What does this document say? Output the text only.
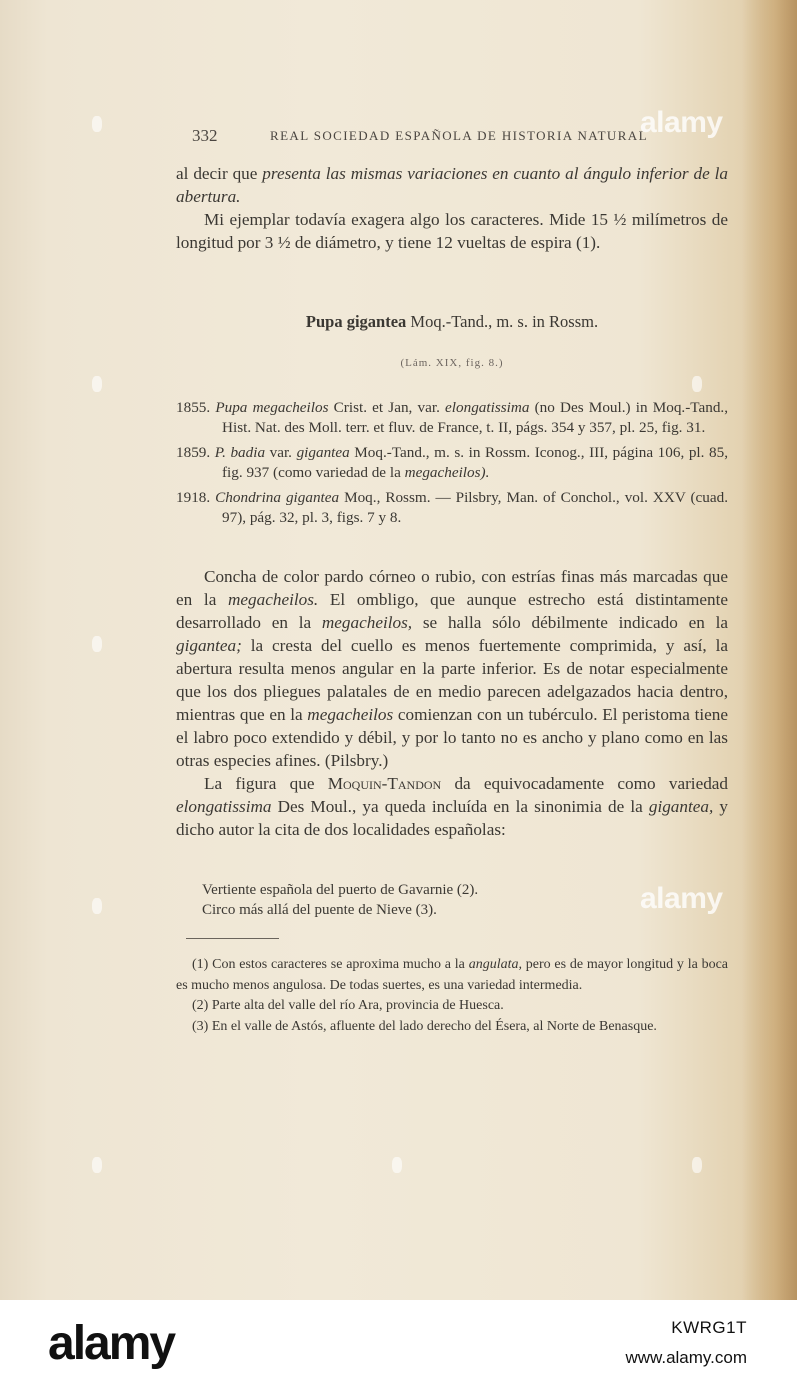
332	REAL SOCIEDAD ESPAÑOLA DE HISTORIA NATURAL

al decir que presenta las mismas variaciones en cuanto al ángulo inferior de la abertura.

Mi ejemplar todavía exagera algo los caracteres. Mide 15 ½ milímetros de longitud por 3 ½ de diámetro, y tiene 12 vueltas de espira (1).

Pupa gigantea Moq.-Tand., m. s. in Rossm.
(Lám. XIX, fig. 8.)

1855. Pupa megacheilos Crist. et Jan, var. elongatissima (no Des Moul.) in Moq.-Tand., Hist. Nat. des Moll. terr. et fluv. de France, t. II, págs. 354 y 357, pl. 25, fig. 31.

1859. P. badia var. gigantea Moq.-Tand., m. s. in Rossm. Iconog., III, página 106, pl. 85, fig. 937 (como variedad de la megacheilos).

1918. Chondrina gigantea Moq., Rossm. — Pilsbry, Man. of Conchol., vol. XXV (cuad. 97), pág. 32, pl. 3, figs. 7 y 8.

Concha de color pardo córneo o rubio, con estrías finas más marcadas que en la megacheilos. El ombligo, que aunque estrecho está distintamente desarrollado en la megacheilos, se halla sólo débilmente indicado en la gigantea; la cresta del cuello es menos fuertemente comprimida, y así, la abertura resulta menos angular en la parte inferior. Es de notar especialmente que los dos pliegues palatales de en medio parecen adelgazados hacia dentro, mientras que en la megacheilos comienzan con un tubérculo. El peristoma tiene el labro poco extendido y débil, y por lo tanto no es ancho y plano como en las otras especies afines. (Pilsbry.)

La figura que Moquin-Tandon da equivocadamente como variedad elongatissima Des Moul., ya queda incluída en la sinonimia de la gigantea, y dicho autor la cita de dos localidades españolas:

Vertiente española del puerto de Gavarnie (2).

Circo más allá del puente de Nieve (3).

(1) Con estos caracteres se aproxima mucho a la angulata, pero es de mayor longitud y la boca es mucho menos angulosa. De todas suertes, es una variedad intermedia.

(2) Parte alta del valle del río Ara, provincia de Huesca.

(3) En el valle de Astós, afluente del lado derecho del Ésera, al Norte de Benasque.

alamy
alamy
alamy	KWRG1T
www.alamy.com
